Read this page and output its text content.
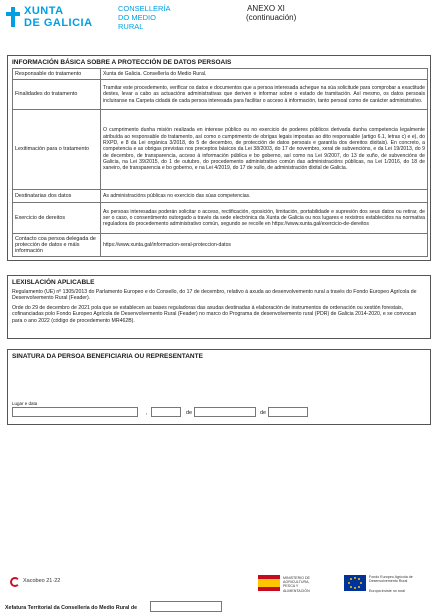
XUNTA
DE GALICIA
CONSELLERÍA
DO MEDIO
RURAL
ANEXO XI
(continuación)
INFORMACIÓN BÁSICA SOBRE A PROTECCIÓN DE DATOS PERSOAIS
Responsable do tratamento	Xunta de Galicia. Consellería do Medio Rural.
Finalidades do tratamento	Tramitar este procedemento, verificar os datos e documentos que a persoa interesada achegue na súa solicitude para comprobar a exactitude destes, levar a cabo as actuacións administrativas que deriven e informar sobre o estado de tramitación. Así mesmo, os datos persoais incluiranse na Carpeta cidadá de cada persoa interesada para facilitar o acceso á información, tanto persoal como de carácter administrativo.
Lexitimación para o tratamento	O cumprimento dunha misión realizada en interese público ou no exercicio de poderes públicos derivada dunha competencia legalmente atribuída ao responsable do tratamento, así como o cumprimento de obrigas legais impostas ao dito responsable (artigo 6.1, letras c) e e), do RXPD, e 8 da Lei orgánica 3/2018, do 5 de decembro, de protección de datos persoais e garantía dos dereitos dixitais). En concreto, a competencia e as obrigas previstas nos preceptos básicos da Lei 38/2003, do 17 de novembro, xeral de subvencións, e da Lei 19/2013, do 9 de decembro, de transparencia, acceso á información pública e bo goberno, así como na Lei 9/2007, do 13 de xuño, de subvencións de Galicia, na Lei 39/2015, do 1 de outubro, do procedemento administrativo común das administracións públicas, na Lei 1/2016, do 18 de xaneiro, de transparencia e bo goberno, e na Lei 4/2019, do 17 de xullo, de administración dixital de Galicia.
Destinatarias dos datos	As administracións públicas no exercicio das súas competencias.
Exercicio de dereitos	As persoas interesadas poderán solicitar o acceso, rectificación, oposición, limitación, portabilidade e supresión dos seus datos ou retirar, de ser o caso, o consentimento outorgado a través da sede electrónica da Xunta de Galicia ou nos lugares e rexistros establecidos na normativa reguladora do procedemento administrativo común, segundo se recolle en https://www.xunta.gal/exercicio-de-dereitos
Contacto coa persoa delegada de protección de datos e máis información	https://www.xunta.gal/informacion-xeral-proteccion-datos
LEXISLACIÓN APLICABLE

Regulamento (UE) nº 1305/2013 do Parlamento Europeo e do Consello, do 17 de decembro, relativo á axuda ao desenvolvemento rural a través do Fondo Europeo Agrícola de Desenvolvemento Rural (Feader).

Orde do 29 de decembro de 2021 pola que se establecen as bases reguladoras das axudas destinadas á elaboración de instrumentos de ordenación ou xestión forestais, cofinanciadas polo Fondo Europeo Agrícola de Desenvolvemento Rural (Feader) no marco do Programa de desenvolvemento rural (PDR) de Galicia 2014-2020, e se convocan para o ano 2022 (código de procedemento MR462B).

SINATURA DA PERSOA BENEFICIARIA OU REPRESENTANTE
Lugar e data
,	de	de
Xacobeo 21·22	MINISTERIO DE AGRICULTURA, PESCA Y ALIMENTACIÓN
Fondo Europeo Agrícola de Desenvolvemento Rural
Europa inviste no rural
Xefatura Territorial da Consellería do Medio Rural de
